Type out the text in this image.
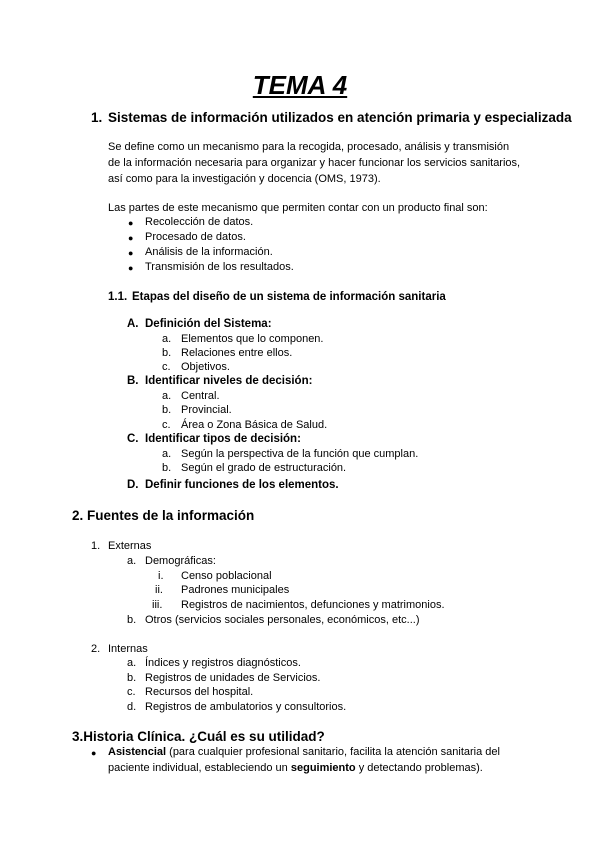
TEMA 4
1. Sistemas de información utilizados en atención primaria y especializada
Se define como un mecanismo para la recogida, procesado, análisis y transmisión
de la información necesaria para organizar y hacer funcionar los servicios sanitarios,
así como para la investigación y docencia (OMS, 1973).
Las partes de este mecanismo que permiten contar con un producto final son:
● Recolección de datos.
● Procesado de datos.
● Análisis de la información.
● Transmisión de los resultados.
1.1. Etapas del diseño de un sistema de información sanitaria
A. Definición del Sistema:
a. Elementos que lo componen.
b. Relaciones entre ellos.
c. Objetivos.
B. Identificar niveles de decisión:
a. Central.
b. Provincial.
c. Área o Zona Básica de Salud.
C. Identificar tipos de decisión:
a. Según la perspectiva de la función que cumplan.
b. Según el grado de estructuración.
D. Definir funciones de los elementos.
2. Fuentes de la información
1. Externas
a. Demográficas:
i. Censo poblacional
ii. Padrones municipales
iii. Registros de nacimientos, defunciones y matrimonios.
b. Otros (servicios sociales personales, económicos, etc...)
2. Internas
a. Índices y registros diagnósticos.
b. Registros de unidades de Servicios.
c. Recursos del hospital.
d. Registros de ambulatorios y consultorios.
3.Historia Clínica. ¿Cuál es su utilidad?
● Asistencial (para cualquier profesional sanitario, facilita la atención sanitaria del
paciente individual, estableciendo un seguimiento y detectando problemas).
